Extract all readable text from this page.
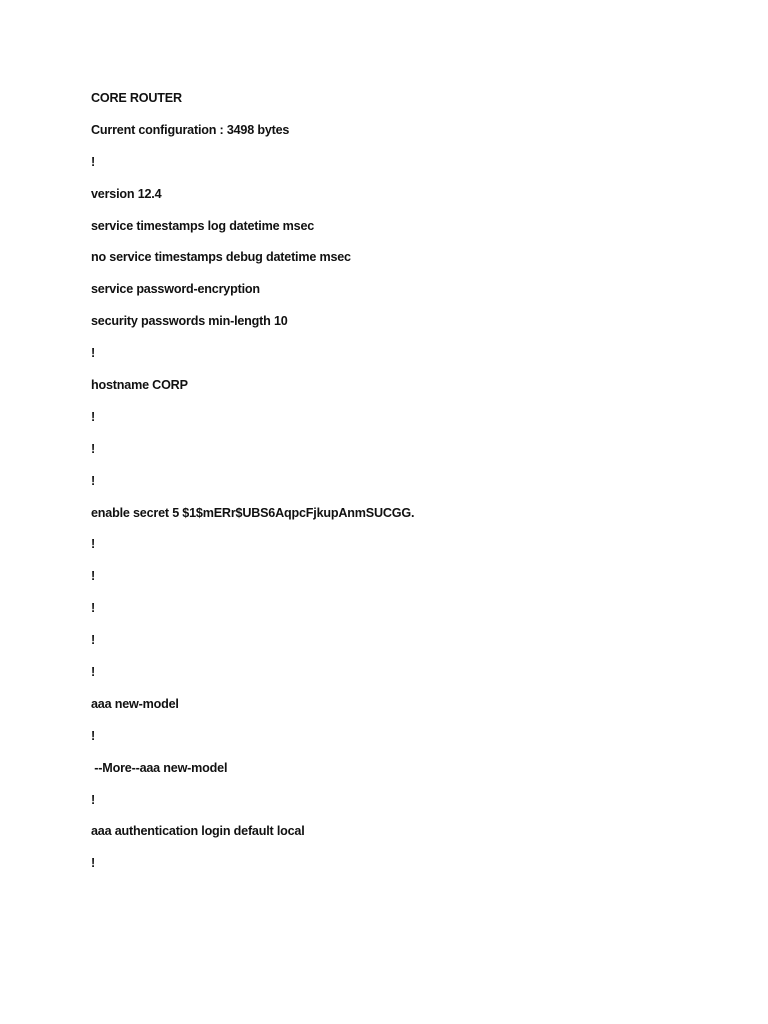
CORE ROUTER
Current configuration : 3498 bytes
!
version 12.4
service timestamps log datetime msec
no service timestamps debug datetime msec
service password-encryption
security passwords min-length 10
!
hostname CORP
!
!
!
enable secret 5 $1$mERr$UBS6AqpcFjkupAnmSUCGG.
!
!
!
!
!
aaa new-model
!
--More--aaa new-model
!
aaa authentication login default local
!
